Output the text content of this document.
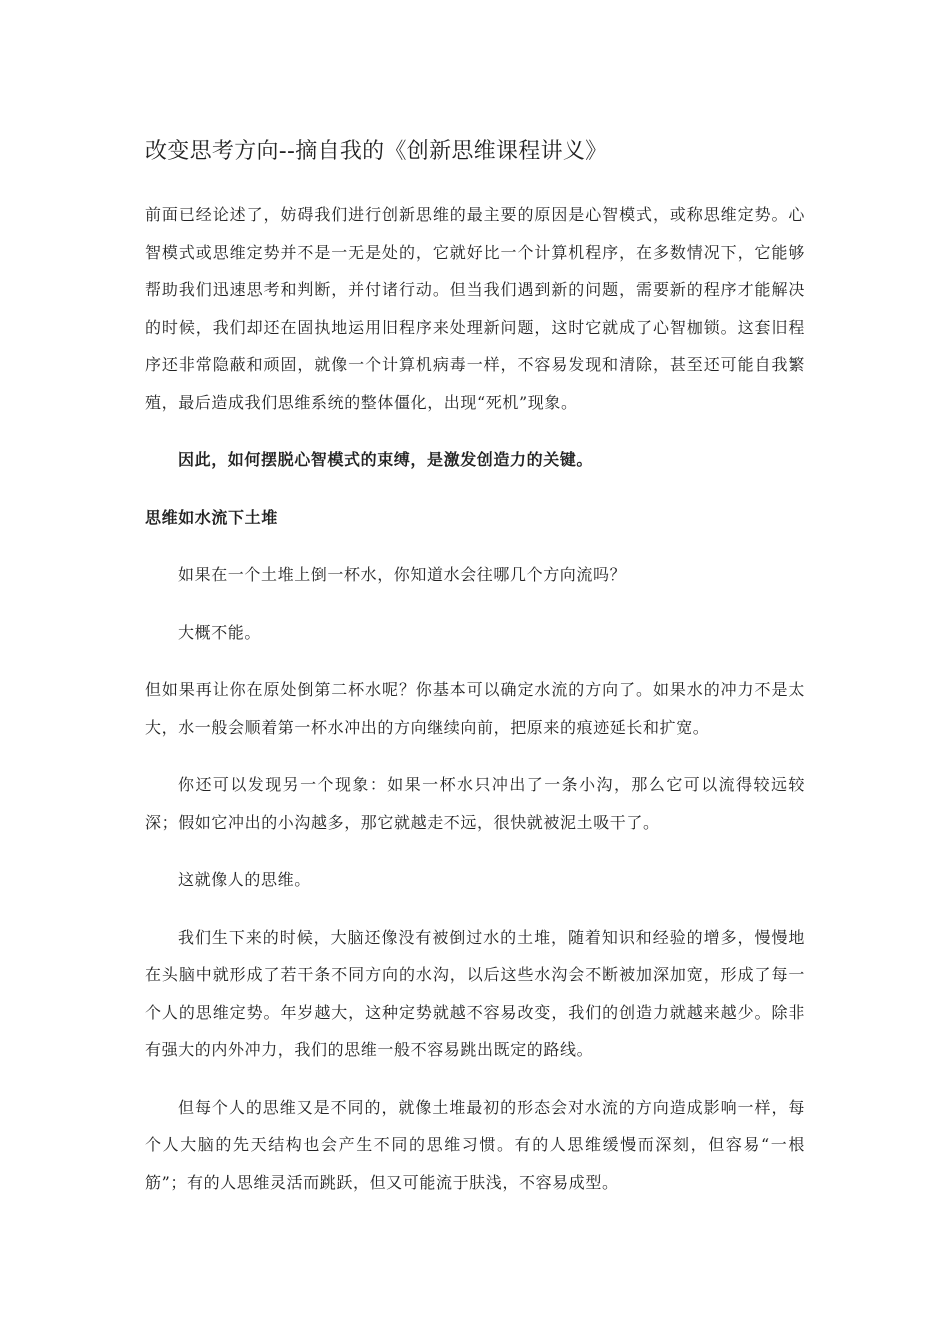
改变思考方向--摘自我的《创新思维课程讲义》

前面已经论述了，妨碍我们进行创新思维的最主要的原因是心智模式，或称思维定势。心智模式或思维定势并不是一无是处的，它就好比一个计算机程序，在多数情况下，它能够帮助我们迅速思考和判断，并付诸行动。但当我们遇到新的问题，需要新的程序才能解决的时候，我们却还在固执地运用旧程序来处理新问题，这时它就成了心智枷锁。这套旧程序还非常隐蔽和顽固，就像一个计算机病毒一样，不容易发现和清除，甚至还可能自我繁殖，最后造成我们思维系统的整体僵化，出现“死机”现象。

因此，如何摆脱心智模式的束缚，是激发创造力的关键。

思维如水流下土堆

如果在一个土堆上倒一杯水，你知道水会往哪几个方向流吗？

大概不能。

但如果再让你在原处倒第二杯水呢？你基本可以确定水流的方向了。如果水的冲力不是太大，水一般会顺着第一杯水冲出的方向继续向前，把原来的痕迹延长和扩宽。

你还可以发现另一个现象：如果一杯水只冲出了一条小沟，那么它可以流得较远较深；假如它冲出的小沟越多，那它就越走不远，很快就被泥土吸干了。

这就像人的思维。

我们生下来的时候，大脑还像没有被倒过水的土堆，随着知识和经验的增多，慢慢地在头脑中就形成了若干条不同方向的水沟，以后这些水沟会不断被加深加宽，形成了每一个人的思维定势。年岁越大，这种定势就越不容易改变，我们的创造力就越来越少。除非有强大的内外冲力，我们的思维一般不容易跳出既定的路线。

但每个人的思维又是不同的，就像土堆最初的形态会对水流的方向造成影响一样，每个人大脑的先天结构也会产生不同的思维习惯。有的人思维缓慢而深刻，但容易“一根筋”；有的人思维灵活而跳跃，但又可能流于肤浅，不容易成型。
